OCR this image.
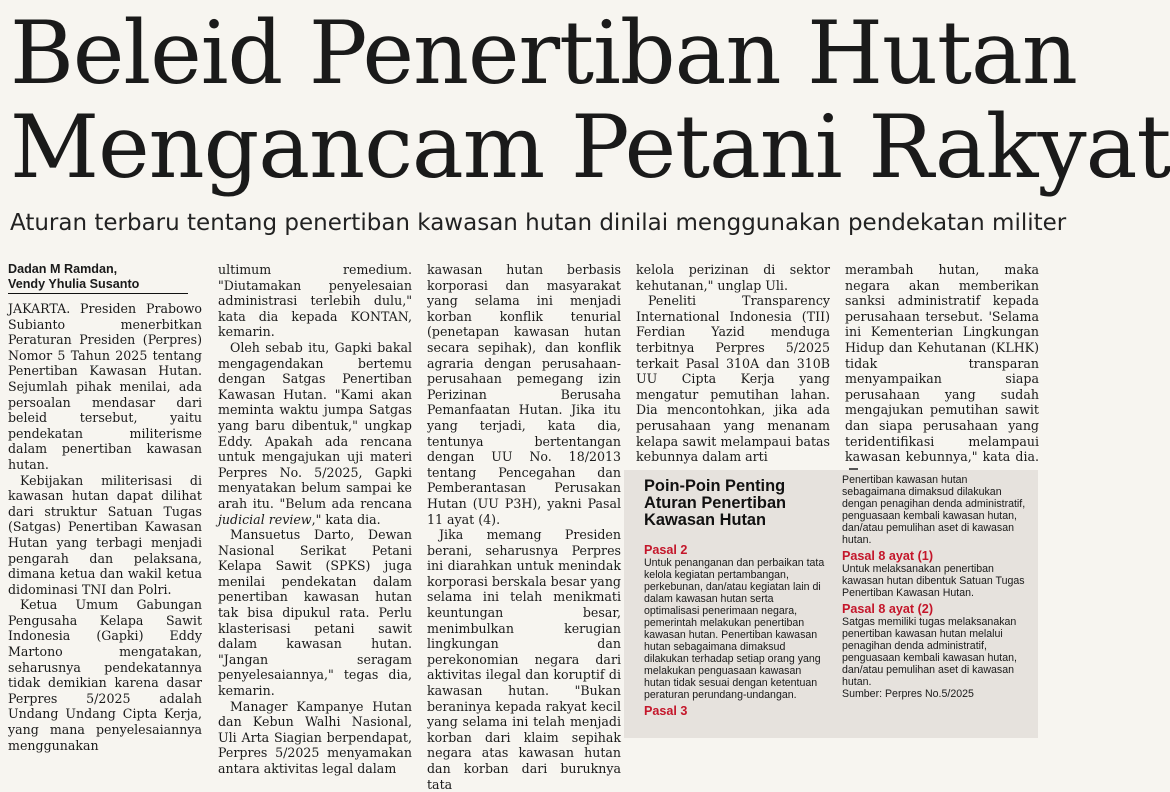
Beleid Penertiban Hutan
Mengancam Petani Rakyat

Aturan terbaru tentang penertiban kawasan hutan dinilai menggunakan pendekatan militer

Dadan M Ramdan,
Vendy Yhulia Susanto

JAKARTA. Presiden Prabowo Subianto menerbitkan Peraturan Presiden (Perpres) Nomor 5 Tahun 2025 tentang Penertiban Kawasan Hutan. Sejumlah pihak menilai, ada persoalan mendasar dari beleid tersebut, yaitu pendekatan militerisme dalam penertiban kawasan hutan.

Kebijakan militerisasi di kawasan hutan dapat dilihat dari struktur Satuan Tugas (Satgas) Penertiban Kawasan Hutan yang terbagi menjadi pengarah dan pelaksana, dimana ketua dan wakil ketua didominasi TNI dan Polri.

Ketua Umum Gabungan Pengusaha Kelapa Sawit Indonesia (Gapki) Eddy Martono mengatakan, seharusnya pendekatannya tidak demikian karena dasar Perpres 5/2025 adalah Undang Undang Cipta Kerja, yang mana penyelesaiannya menggunakan

ultimum remedium. "Diutamakan penyelesaian administrasi terlebih dulu," kata dia kepada KONTAN, kemarin.

Oleh sebab itu, Gapki bakal mengagendakan bertemu dengan Satgas Penertiban Kawasan Hutan. "Kami akan meminta waktu jumpa Satgas yang baru dibentuk," ungkap Eddy. Apakah ada rencana untuk mengajukan uji materi Perpres No. 5/2025, Gapki menyatakan belum sampai ke arah itu. "Belum ada rencana judicial review," kata dia.

Mansuetus Darto, Dewan Nasional Serikat Petani Kelapa Sawit (SPKS) juga menilai pendekatan dalam penertiban kawasan hutan tak bisa dipukul rata. Perlu klasterisasi petani sawit dalam kawasan hutan. "Jangan seragam penyelesaiannya," tegas dia, kemarin.

Manager Kampanye Hutan dan Kebun Walhi Nasional, Uli Arta Siagian berpendapat, Perpres 5/2025 menyamakan antara aktivitas legal dalam

kawasan hutan berbasis korporasi dan masyarakat yang selama ini menjadi korban konflik tenurial (penetapan kawasan hutan secara sepihak), dan konflik agraria dengan perusahaan-perusahaan pemegang izin Perizinan Berusaha Pemanfaatan Hutan. Jika itu yang terjadi, kata dia, tentunya bertentangan dengan UU No. 18/2013 tentang Pencegahan dan Pemberantasan Perusakan Hutan (UU P3H), yakni Pasal 11 ayat (4).

Jika memang Presiden berani, seharusnya Perpres ini diarahkan untuk menindak korporasi berskala besar yang selama ini telah menikmati keuntungan besar, menimbulkan kerugian lingkungan dan perekonomian negara dari aktivitas ilegal dan koruptif di kawasan hutan. "Bukan beraninya kepada rakyat kecil yang selama ini telah menjadi korban dari klaim sepihak negara atas kawasan hutan dan korban dari buruknya tata

kelola perizinan di sektor kehutanan," unglap Uli.

Peneliti Transparency International Indonesia (TII) Ferdian Yazid menduga terbitnya Perpres 5/2025 terkait Pasal 310A dan 310B UU Cipta Kerja yang mengatur pemutihan lahan. Dia mencontohkan, jika ada perusahaan yang menanam kelapa sawit melampaui batas kebunnya dalam arti

merambah hutan, maka negara akan memberikan sanksi administratif kepada perusahaan tersebut. 'Selama ini Kementerian Lingkungan Hidup dan Kehutanan (KLHK) tidak transparan menyampaikan siapa perusahaan yang sudah mengajukan pemutihan sawit dan siapa perusahaan yang teridentifikasi melampaui kawasan kebunnya," kata dia.

Poin-Poin Penting Aturan Penertiban Kawasan Hutan
Pasal 2

Untuk penanganan dan perbaikan tata kelola kegiatan pertambangan, perkebunan, dan/atau kegiatan lain di dalam kawasan hutan serta optimalisasi penerimaan negara, pemerintah melakukan penertiban kawasan hutan. Penertiban kawasan hutan sebagaimana dimaksud dilakukan terhadap setiap orang yang melakukan penguasaan kawasan hutan tidak sesuai dengan ketentuan peraturan perundang-undangan.

Pasal 3

Penertiban kawasan hutan sebagaimana dimaksud dilakukan dengan penagihan denda administratif, penguasaan kembali kawasan hutan, dan/atau pemulihan aset di kawasan hutan.

Pasal 8 ayat (1)

Untuk melaksanakan penertiban kawasan hutan dibentuk Satuan Tugas Penertiban Kawasan Hutan.

Pasal 8 ayat (2)

Satgas memiliki tugas melaksanakan penertiban kawasan hutan melalui penagihan denda administratif, penguasaan kembali kawasan hutan, dan/atau pemulihan aset di kawasan hutan.

Sumber: Perpres No.5/2025
